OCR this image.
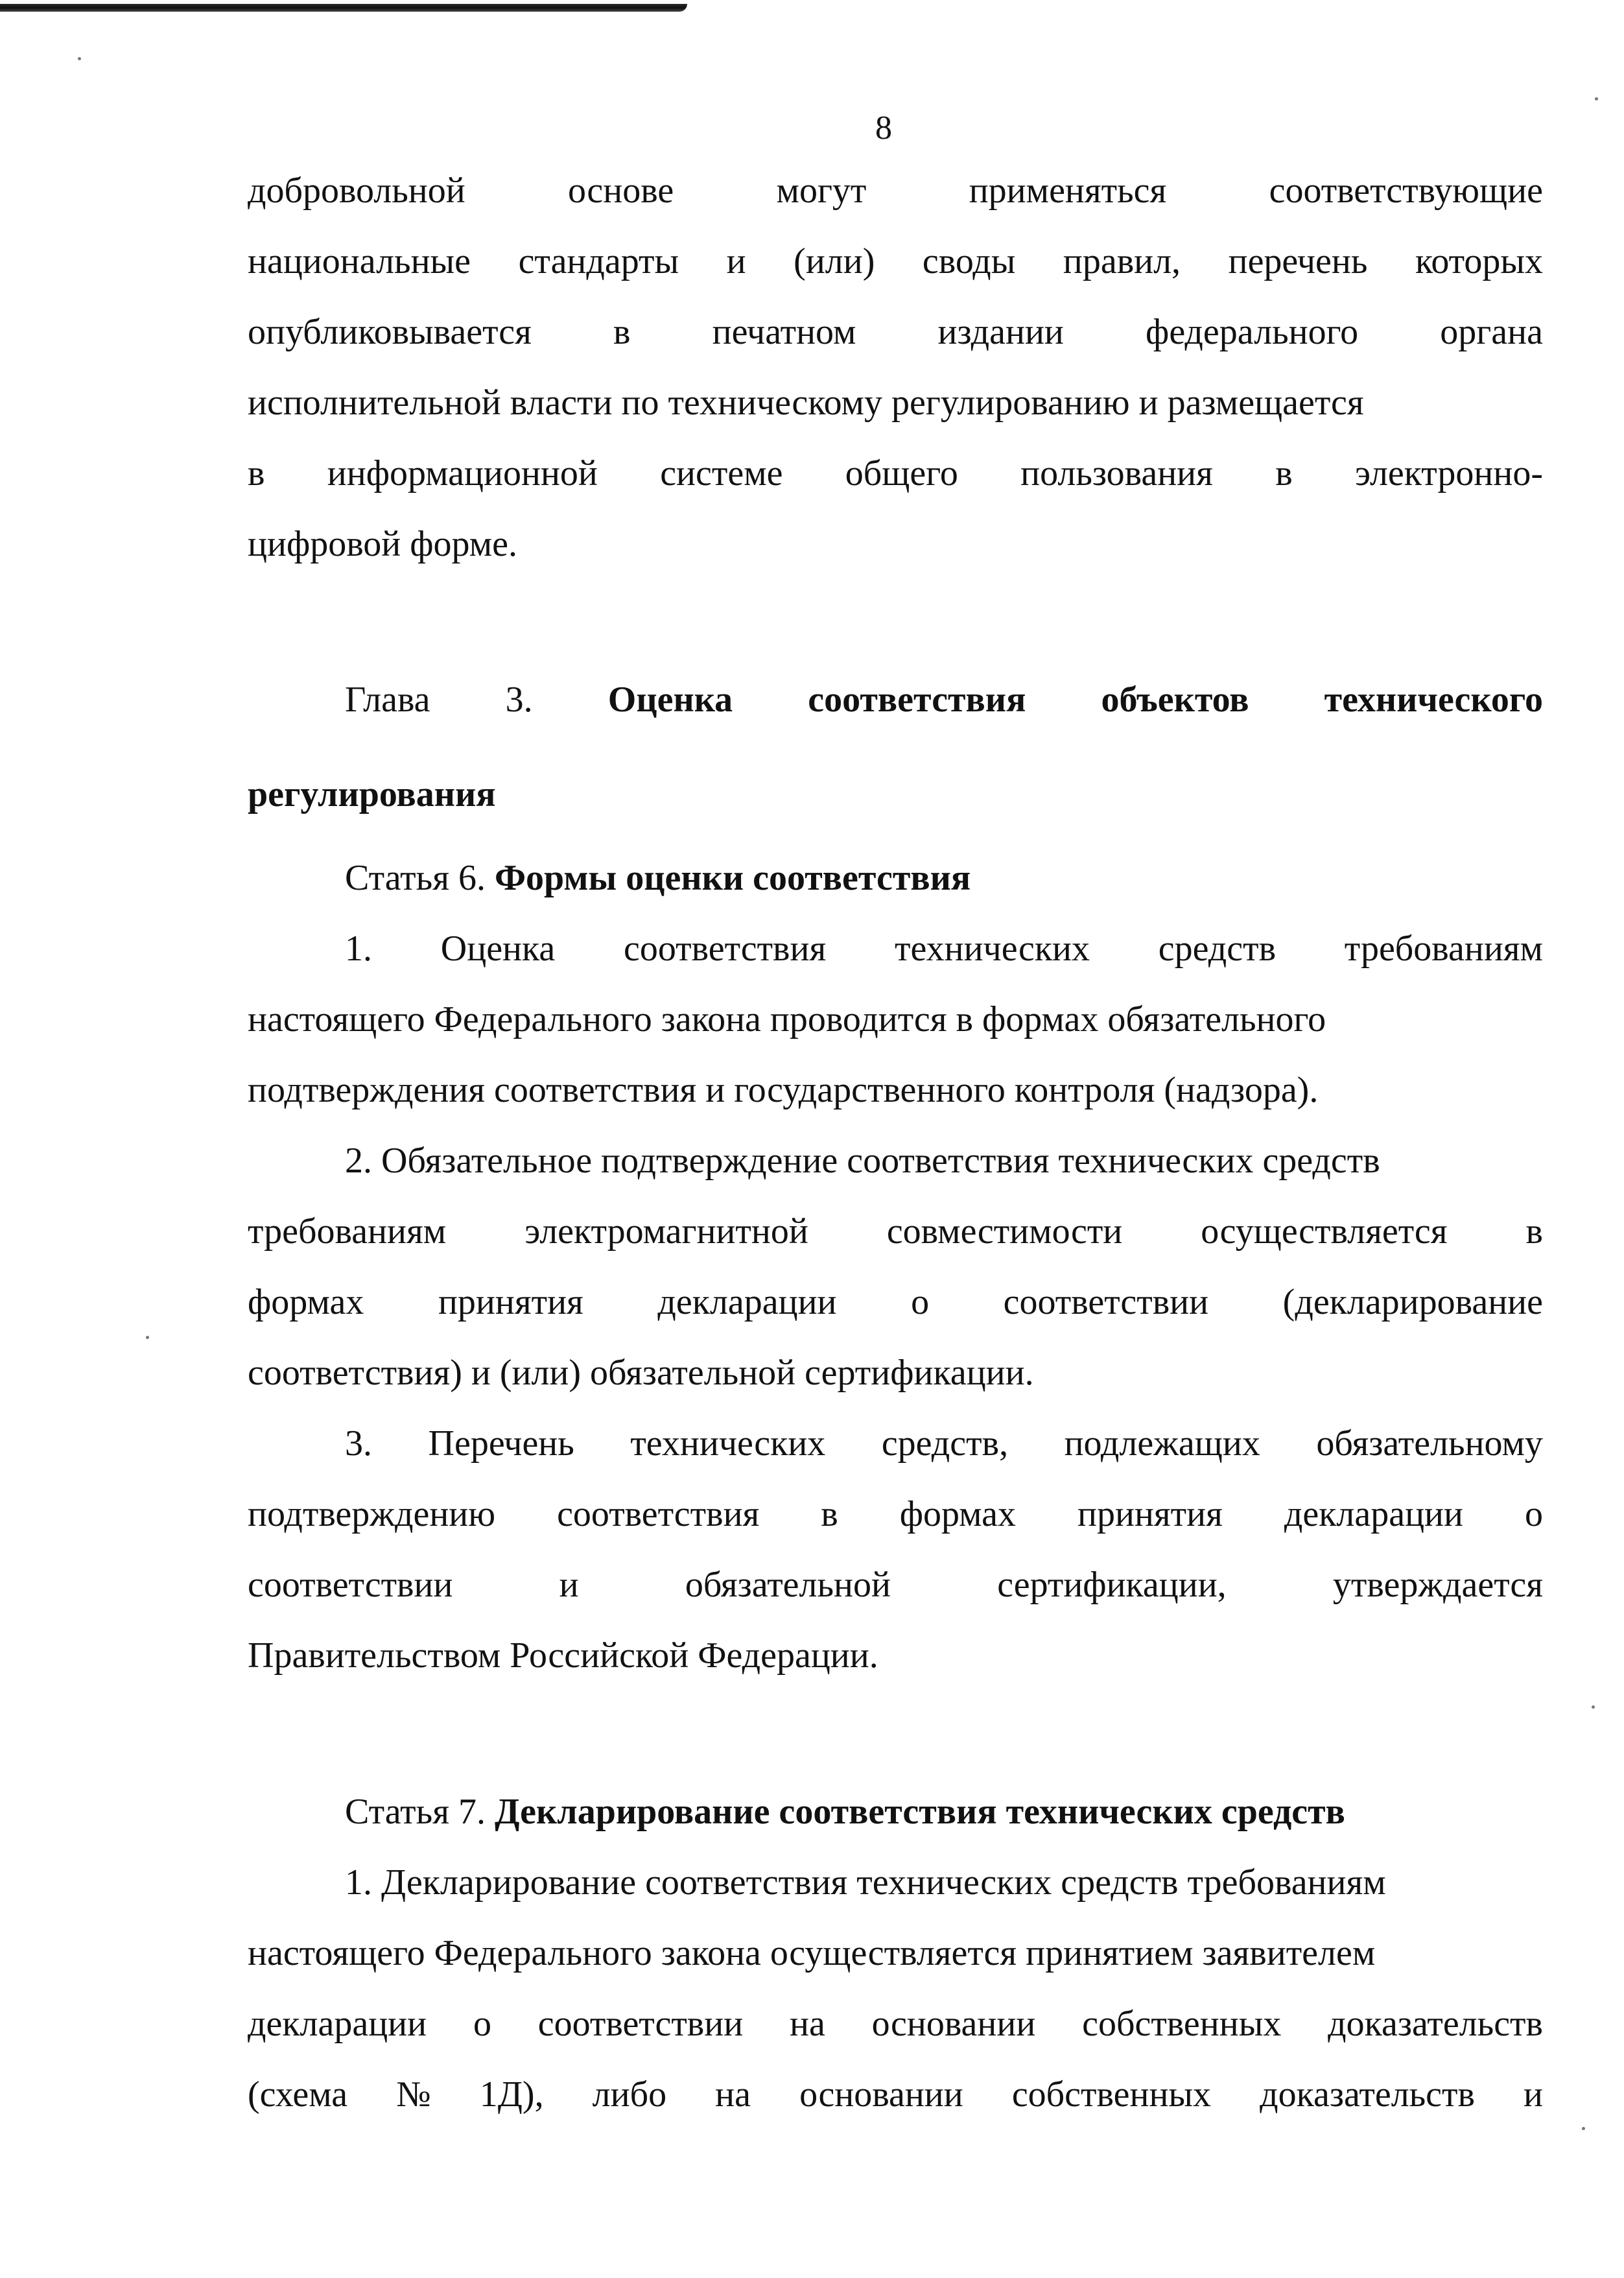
8
добровольной	основе	могут	применяться	соответствующие
национальные стандарты и (или) своды правил, перечень которых
опубликовывается в печатном издании федерального органа
исполнительной власти по техническому регулированию и размещается
в информационной системе общего пользования в электронно-
цифровой форме.
Глава 3. Оценка соответствия объектов технического
регулирования
Статья 6. Формы оценки соответствия
1. Оценка соответствия технических средств требованиям
настоящего Федерального закона проводится в формах обязательного
подтверждения соответствия и государственного контроля (надзора).
2. Обязательное подтверждение соответствия технических средств
требованиям электромагнитной совместимости осуществляется в
формах принятия декларации о соответствии (декларирование
соответствия) и (или) обязательной сертификации.
3. Перечень технических средств, подлежащих обязательному
подтверждению соответствия в формах принятия декларации о
соответствии	и	обязательной	сертификации,	утверждается
Правительством Российской Федерации.
Статья 7. Декларирование соответствия технических средств
1. Декларирование соответствия технических средств требованиям
настоящего Федерального закона осуществляется принятием заявителем
декларации о соответствии на основании собственных доказательств
(схема № 1Д), либо на основании собственных доказательств и
